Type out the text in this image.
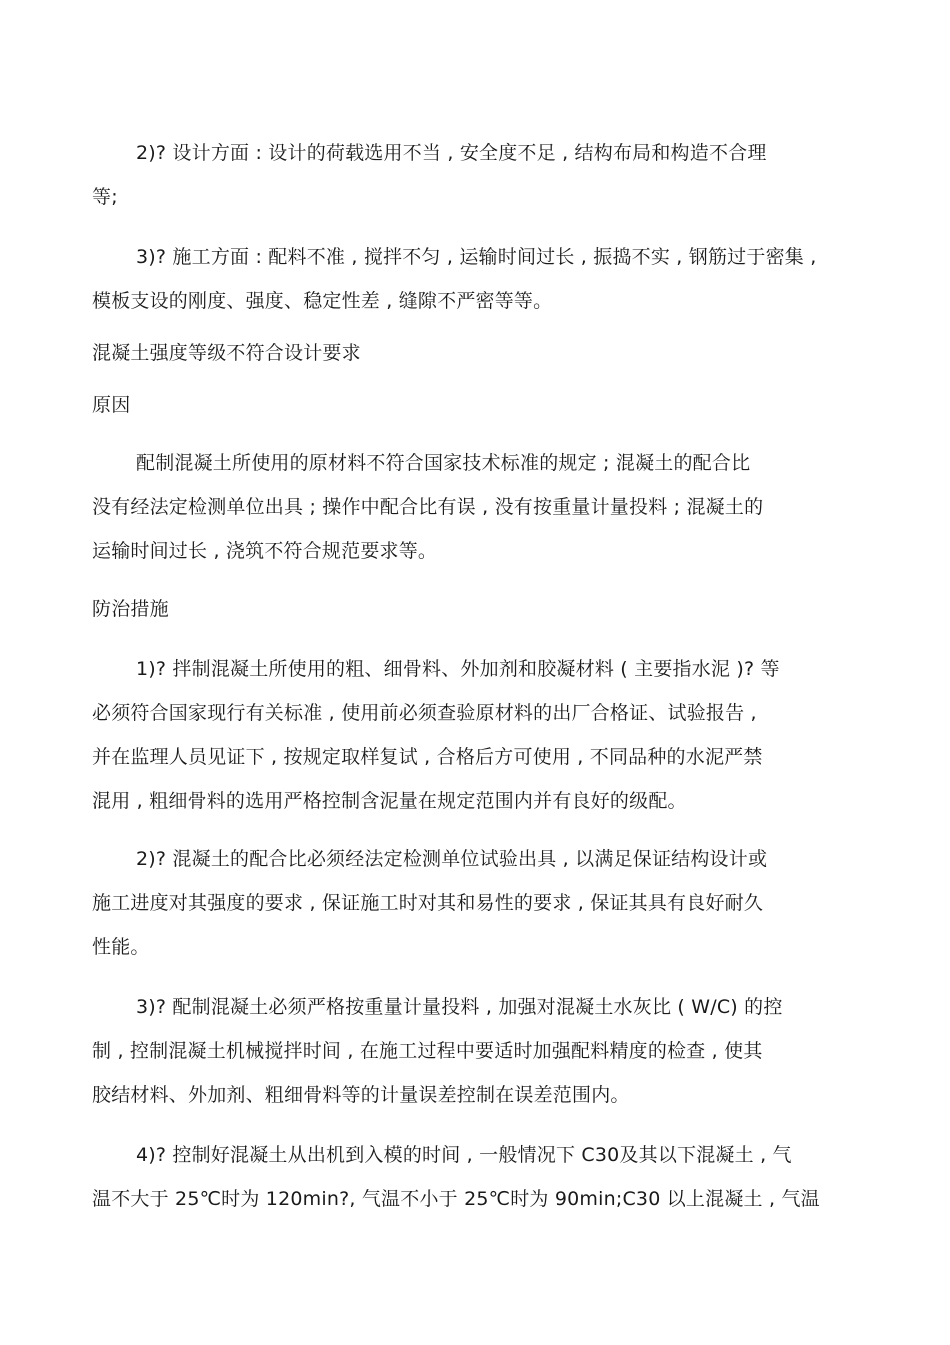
2)? 设计方面 : 设计的荷载选用不当 , 安全度不足 , 结构布局和构造不合理

等;

3)? 施工方面 : 配料不准 , 搅拌不匀 , 运输时间过长 , 振捣不实 , 钢筋过于密集 ,

模板支设的刚度、强度、稳定性差 , 缝隙不严密等等。

混凝土强度等级不符合设计要求

原因

配制混凝土所使用的原材料不符合国家技术标准的规定 ; 混凝土的配合比

没有经法定检测单位出具 ; 操作中配合比有误 , 没有按重量计量投料 ; 混凝土的

运输时间过长 , 浇筑不符合规范要求等。

防治措施

1)? 拌制混凝土所使用的粗、细骨料、外加剂和胶凝材料 ( 主要指水泥 )? 等

必须符合国家现行有关标准 , 使用前必须查验原材料的出厂合格证、试验报告 ,

并在监理人员见证下 , 按规定取样复试 , 合格后方可使用 , 不同品种的水泥严禁

混用 , 粗细骨料的选用严格控制含泥量在规定范围内并有良好的级配。

2)? 混凝土的配合比必须经法定检测单位试验出具 , 以满足保证结构设计或

施工进度对其强度的要求 , 保证施工时对其和易性的要求 , 保证其具有良好耐久

性能。

3)? 配制混凝土必须严格按重量计量投料 , 加强对混凝土水灰比 ( W/C) 的控

制 , 控制混凝土机械搅拌时间 , 在施工过程中要适时加强配料精度的检查 , 使其

胶结材料、外加剂、粗细骨料等的计量误差控制在误差范围内。

4)? 控制好混凝土从出机到入模的时间 , 一般情况下 C30及其以下混凝土 , 气

温不大于 25℃时为 120min?, 气温不小于 25℃时为 90min;C30 以上混凝土 , 气温
